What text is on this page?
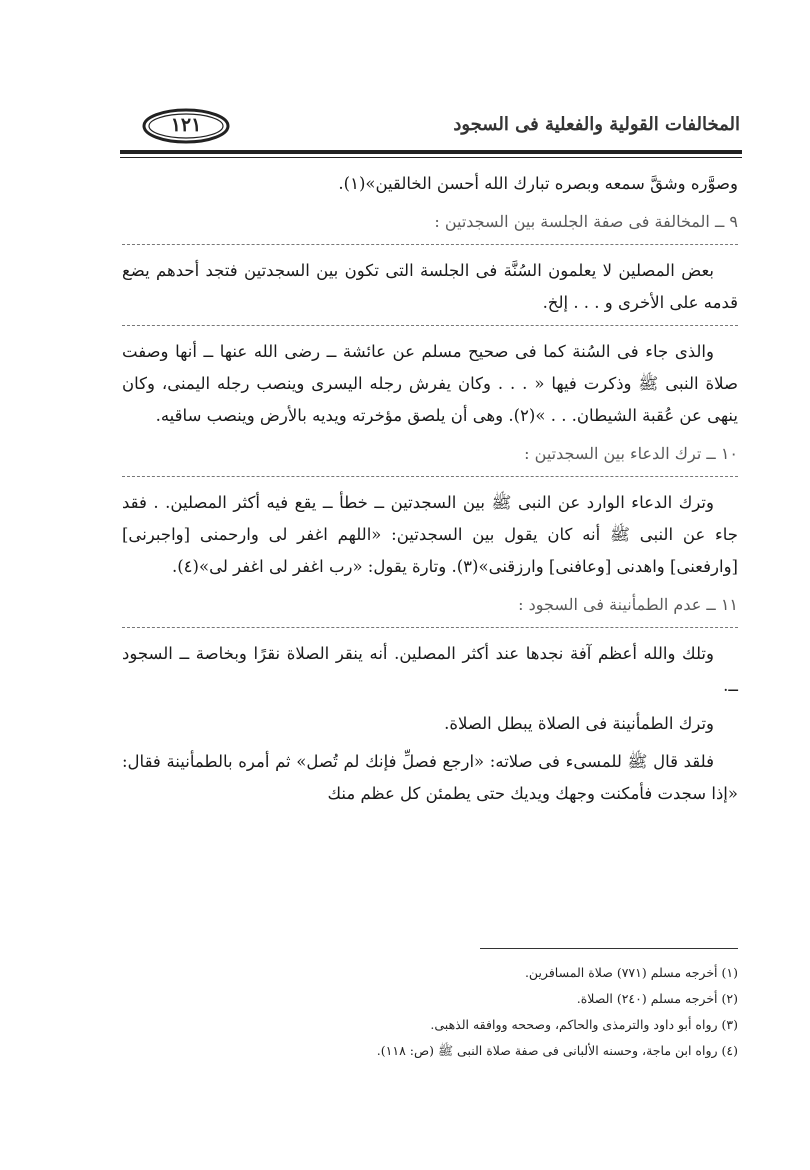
المخالفات القولية والفعلية فى السجود
١٢١

وصوَّره وشقَّ سمعه وبصره تبارك الله أحسن الخالقين»(١).

٩ ــ المخالفة فى صفة الجلسة بين السجدتين :

بعض المصلين لا يعلمون السُنَّة فى الجلسة التى تكون بين السجدتين فتجد أحدهم يضع قدمه على الأخرى و . . . إلخ.

والذى جاء فى السُنة كما فى صحيح مسلم عن عائشة ــ رضى الله عنها ــ أنها وصفت صلاة النبى ﷺ وذكرت فيها « . . . وكان يفرش رجله اليسرى وينصب رجله اليمنى، وكان ينهى عن عُقبة الشيطان. . . »(٢). وهى أن يلصق مؤخرته ويديه بالأرض وينصب ساقيه.

١٠ ــ ترك الدعاء بين السجدتين :

وترك الدعاء الوارد عن النبى ﷺ بين السجدتين ــ خطأ ــ يقع فيه أكثر المصلين. . فقد جاء عن النبى ﷺ أنه كان يقول بين السجدتين: «اللهم اغفر لى وارحمنى [واجبرنى] [وارفعنى] واهدنى [وعافنى] وارزقنى»(٣). وتارة يقول: «رب اغفر لى اغفر لى»(٤).

١١ ــ عدم الطمأنينة فى السجود :

وتلك والله أعظم آفة نجدها عند أكثر المصلين. أنه ينقر الصلاة نقرًا وبخاصة ــ السجود ــ.

وترك الطمأنينة فى الصلاة يبطل الصلاة.

فلقد قال ﷺ للمسىء فى صلاته: «ارجع فصلِّ فإنك لم تُصل» ثم أمره بالطمأنينة فقال: «إذا سجدت فأمكنت وجهك ويديك حتى يطمئن كل عظم منك

(١) أخرجه مسلم (٧٧١) صلاة المسافرين.
(٢) أخرجه مسلم (٢٤٠) الصلاة.
(٣) رواه أبو داود والترمذى والحاكم، وصححه ووافقه الذهبى.
(٤) رواه ابن ماجة، وحسنه الألبانى فى صفة صلاة النبى ﷺ (ص: ١١٨).
